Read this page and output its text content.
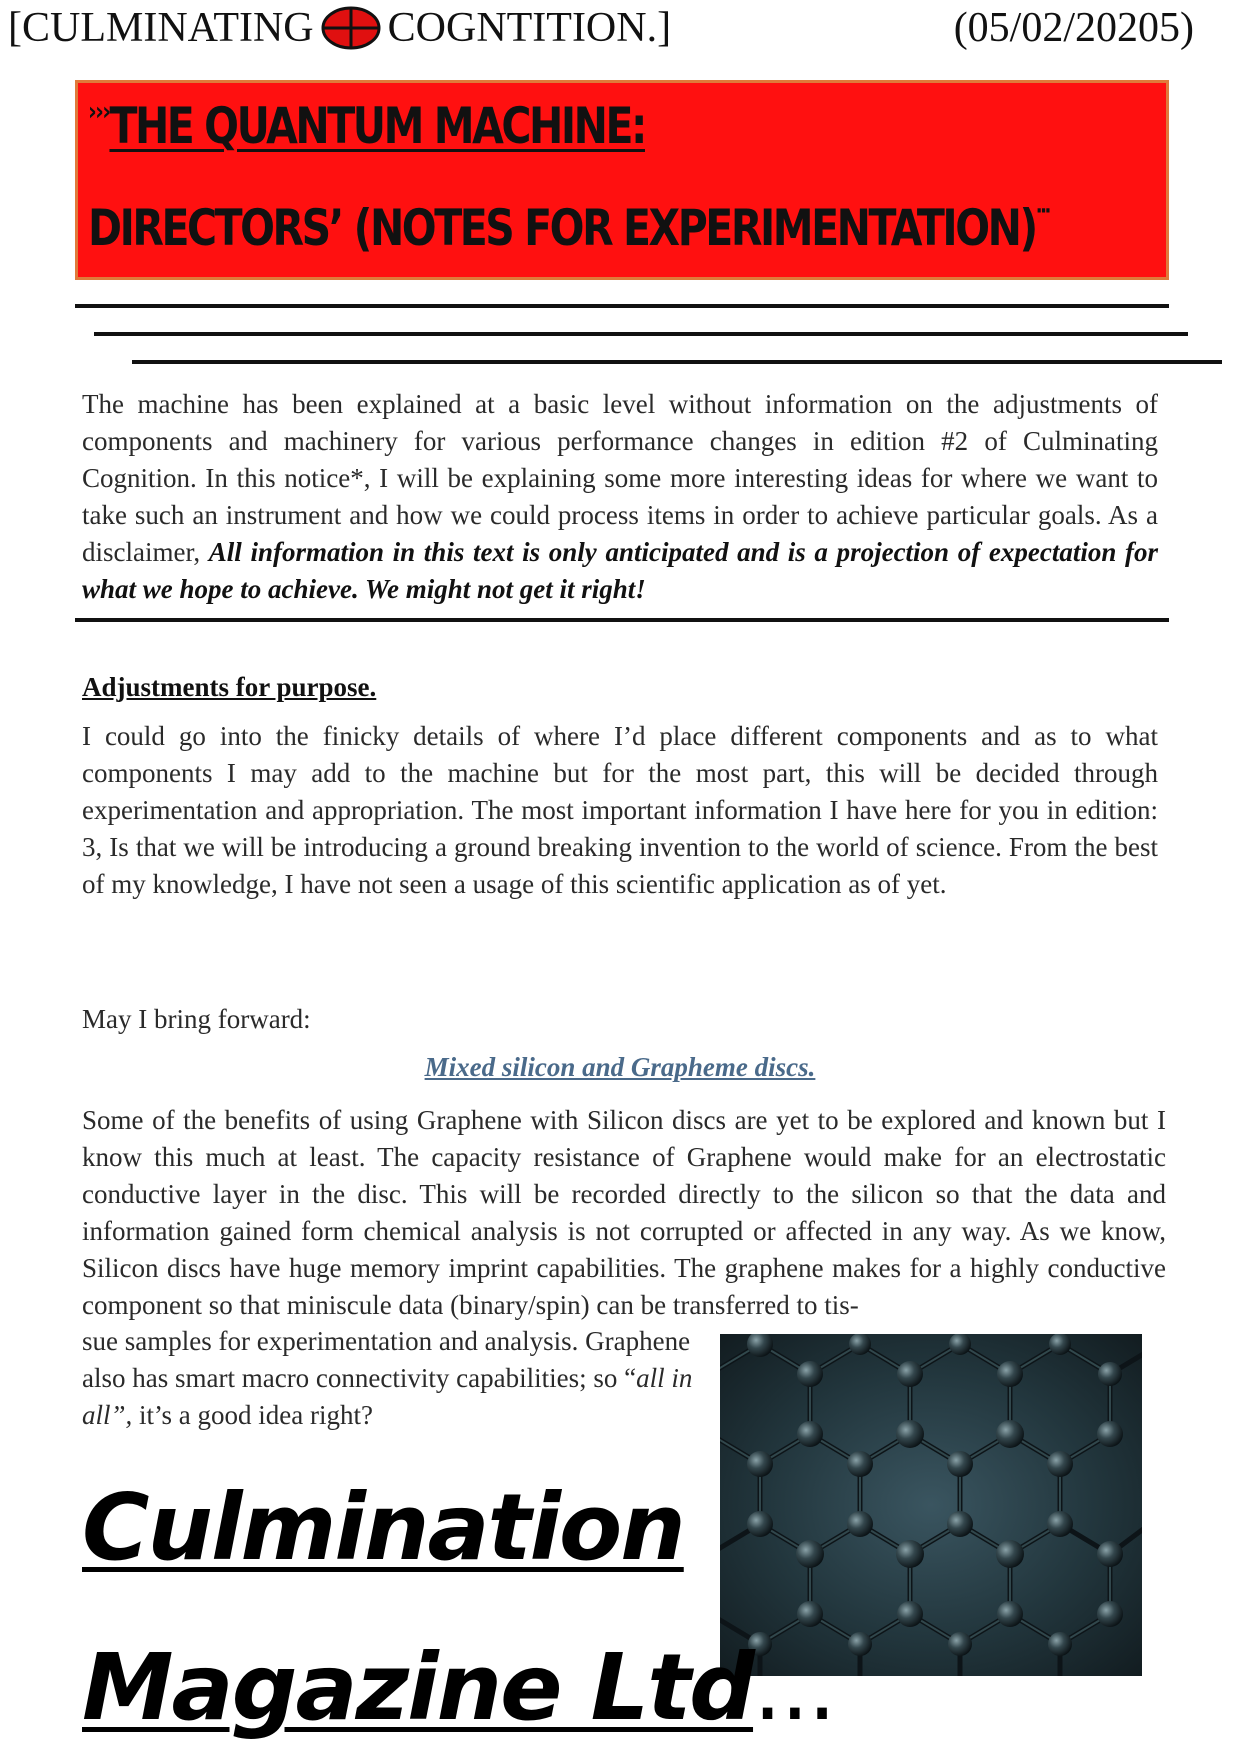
[CULMINATING COGNTITION.]	(05/02/20205)
›››THE QUANTUM MACHINE:
DIRECTORS’ (NOTES FOR EXPERIMENTATION)···

The machine has been explained at a basic level without information on the adjustments of components and machinery for various performance changes in edition #2 of Culminating Cognition. In this notice*, I will be explaining some more interesting ideas for where we want to take such an instrument and how we could process items in order to achieve particular goals. As a disclaimer, All information in this text is only anticipated and is a projection of expectation for what we hope to achieve. We might not get it right!

Adjustments for purpose.

I could go into the finicky details of where I’d place different components and as to what components I may add to the machine but for the most part, this will be decided through experimentation and appropriation. The most important information I have here for you in edition: 3, Is that we will be introducing a ground breaking invention to the world of science. From the best of my knowledge, I have not seen a usage of this scientific application as of yet.

May I bring forward:
Mixed silicon and Grapheme discs.

Some of the benefits of using Graphene with Silicon discs are yet to be explored and known but I know this much at least. The capacity resistance of Graphene would make for an electrostatic conductive layer in the disc. This will be recorded directly to the silicon so that the data and information gained form chemical analysis is not corrupted or affected in any way. As we know, Silicon discs have huge memory imprint capabilities. The graphene makes for a highly conductive component so that miniscule data (binary/spin) can be transferred to tis-

sue samples for experimentation and analysis. Graphene also has smart macro connectivity capabilities; so “all in all”, it’s a good idea right?
Culmination
Magazine Ltd...
